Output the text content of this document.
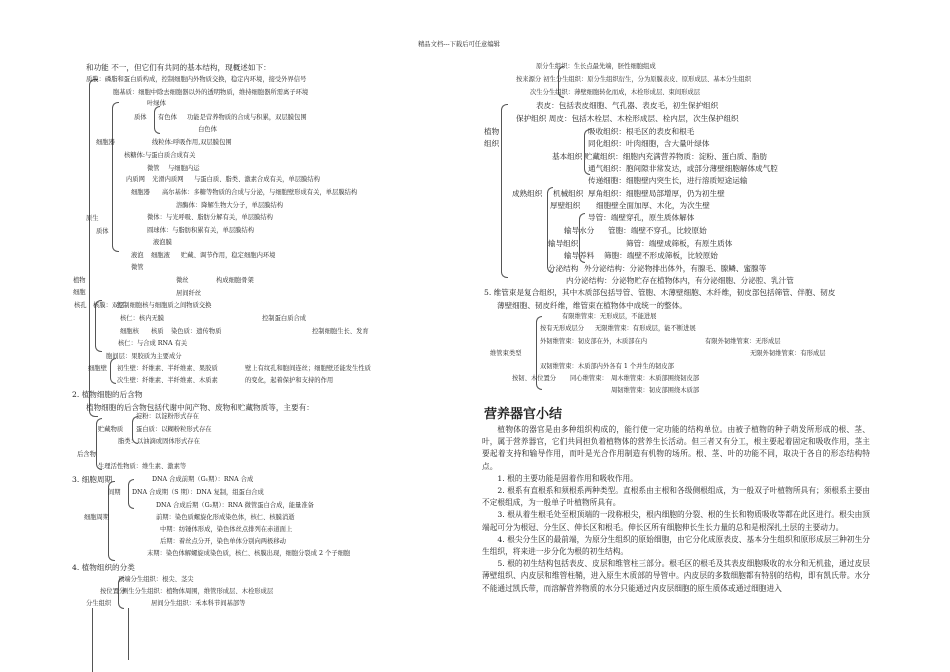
精品文档---下载后可任意编辑
和功能 不一，但它们有共同的基本结构，现概述如下：
质膜：磷脂和蛋白质构成，控制细胞内外物质交换，稳定内环境，接受外界信号
胞基质：细胞中除去细胞器以外的透明物质，维持细胞器所需离子环境
叶绿体
质体 有色体 功能是营养物质的合成与积累，双层膜包围
白色体
细胞器	线粒体:呼吸作用,双层膜包围
核糖体:与蛋白质合成有关
微管 与细胞内运
内质网 光滑内质网 与蛋白质、脂类、激素合成有关，单层膜结构
细胞器 高尔基体：多糖等物质的合成与分泌，与细胞壁形成有关，单层膜结构
原生
溶酶体：降解生物大分子，单层膜结构
质体
微体：与光呼吸、脂肪分解有关，单层膜结构
圆球体：与脂肪积累有关，单层膜结构
液泡膜
液泡 细胞液 贮藏、调节作用，稳定细胞内环境
微管
微丝	构成细胞骨架
居间纤丝
植物
细胞
核膜：双层
控制细胞核与细胞质之间物质交换
核仁：核内无膜	控制蛋白质合成
核孔
细胞核 核质 染色质：遗传物质	控制细胞生长、发育
核仁：与合成 RNA 有关
胞间层：果胶质为主要成分
细胞壁 初生壁：纤维素、半纤维素、果胶质	壁上有纹孔和胞间连丝；细胞壁还能发生性质
次生壁：纤维素、半纤维素、木质素	的变化，起着保护和支持的作用
2. 植物细胞的后含物
植物细胞的后含物包括代谢中间产物、废物和贮藏物质等，主要有：
淀粉：以淀粉形式存在
贮藏物质 蛋白质：以糊粉粒形式存在
脂类：以油滴或固体形式存在
后含物
生理活性物质：维生素、激素等
3. 细胞周期	DNA 合成前期（G₁期）：RNA 合成
间期 DNA 合成期（S 期）：DNA 复制，组蛋白合成
DNA 合成后期（G₂期）：RNA 微管蛋白合成，能量准备
前期：染色质螺旋化形成染色体，核仁、核膜消逝
细胞周期
中期：纺锤体形成，染色体丝点排列在赤道面上
后期：着丝点分开，染色单体分别向两极移动
末期：染色体解螺旋成染色质，核仁、核膜出现，细胞分裂成 2 个子细胞
4. 植物组织的分类
顶端分生组织：根尖、茎尖
按位置分
侧生分生组织：植物体周围，维管形成层、木栓形成层
分生组织	居间分生组织：禾本科节间基部等
原分生组织：生长点最先端，胚性细胞组成
按来源分 初生分生组织：原分生组织衍生，分为原膜表皮、原形成层、基本分生组织
次生分生组织：薄壁细胞转化而成，木栓形成层、束间形成层
表皮：包括表皮细胞、气孔器、表皮毛，初生保护组织
保护组织 周皮：包括木栓层、木栓形成层、栓内层，次生保护组织
植物
组织
吸收组织：根毛区的表皮和根毛
同化组织：叶肉细胞，含大量叶绿体
基本组织 贮藏组织：细胞内充满营养物质：淀粉、蛋白质、脂肪
通气组织：胞间隙非常发达，或部分薄壁细胞解体成气腔
传递细胞：细胞壁内突生长，进行溶质短途运输
成熟组织 机械组织 厚角组织：细胞壁局部增厚，仍为初生壁
厚壁组织 细胞壁全面加厚、木化，为次生壁
导管：端壁穿孔，原生质体解体
输导水分 管胞：端壁不穿孔，比较原始
输导组织	筛管：端壁成筛板，有原生质体
输导养料 筛胞：端壁不形成筛板，比较原始
分泌结构 外分泌结构：分泌物排出体外，有腺毛、腺鳞、蜜腺等
内分泌结构：分泌物贮存在植物体内，有分泌细胞、分泌腔、乳汁管
5. 维管束是复合组织，其中木质部包括导管、管胞、木薄壁细胞、木纤维，韧皮部包括筛管、伴胞、韧皮
薄壁细胞、韧皮纤维，维管束在植物体中成统一的整体。
有限维管束：无形成层，不能进展
按有无形成层分 无限维管束：有形成层，能不断进展
外韧维管束：韧皮部在外，木质部在内	有限外韧维管束：无形成层
无限外韧维管束：有形成层
维管束类型
双韧维管束：木质部内外各有 1 个并生的韧皮部
按韧、木位置分 同心维管束： 周木维管束：木质部围绕韧皮部
周韧维管束：韧皮部围绕木质部
营养器官小结

植物体的器官是由多种组织构成的，能行使一定功能的结构单位。由被子植物的种子萌发所形成的根、茎、叶，属于营养器官，它们共同担负着植物体的营养生长活动。但三者又有分工，根主要起着固定和吸收作用，茎主要起着支持和输导作用，而叶是光合作用制造有机物的场所。根、茎、叶的功能不同，取决于各自的形态结构特点。

1. 根的主要功能是固着作用和吸收作用。

2. 根系有直根系和须根系两种类型。直根系由主根和各级侧根组成，为一般双子叶植物所具有；须根系主要由不定根组成，为一般单子叶植物所具有。

3. 根从着生根毛处至根顶端的一段称根尖，根内细胞的分裂、根的生长和物质吸收等都在此区进行。根尖由顶端起可分为根冠、分生区、伸长区和根毛。伸长区所有细胞伸长生长力量的总和是根深扎土层的主要动力。

4. 根尖分生区的最前端，为原分生组织的原始细胞，由它分化成原表皮、基本分生组织和原形成层三种初生分生组织，将来进一步分化为根的初生结构。

5. 根的初生结构包括表皮、皮层和维管柱三部分。根毛区的根毛及其表皮细胞吸收的水分和无机盐，通过皮层薄壁组织、内皮层和维管柱鞘，进入原生木质部的导管中。内皮层的多数细胞都有特别的结构，即有凯氏带。水分不能通过凯氏带，而溶解营养物质的水分只能通过内皮层细胞的原生质体或通过细胞进入
